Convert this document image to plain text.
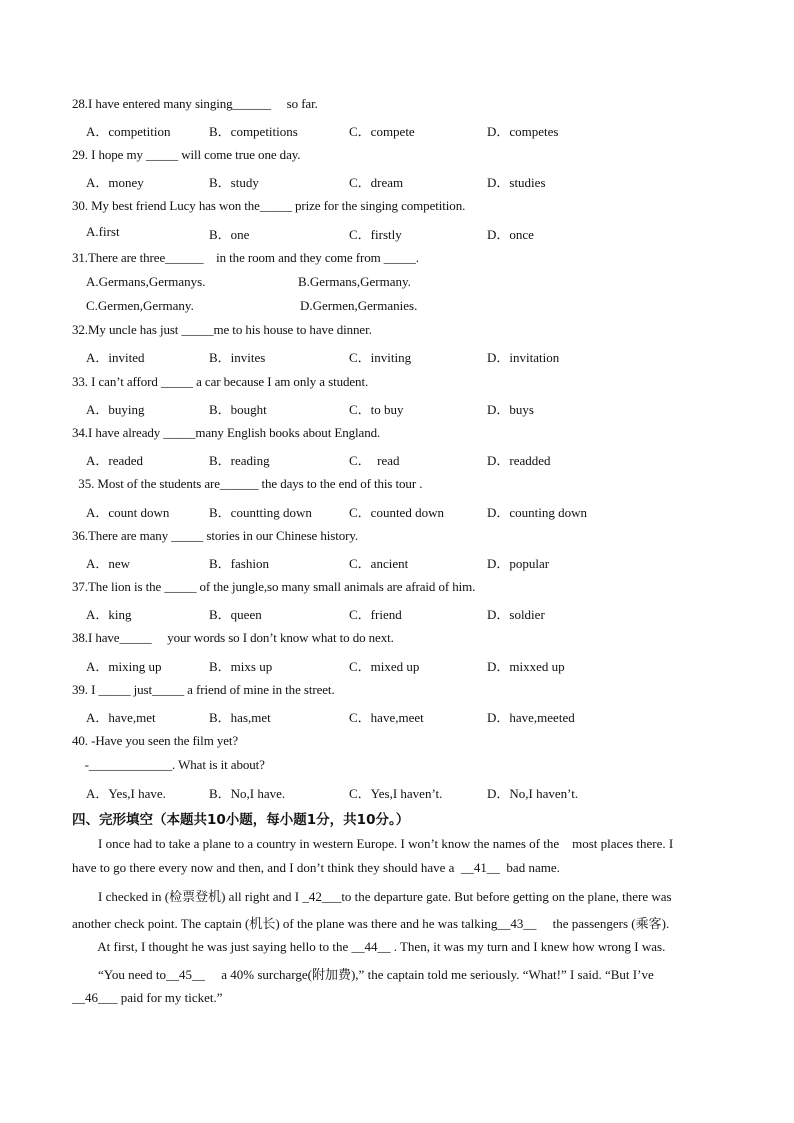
28.I have entered many singing______     so far.
A．competition	B．competitions	C．compete	D．competes
29. I hope my _____ will come true one day.
A．money	B．study	C．dream	D．studies
30. My best friend Lucy has won the_____ prize for the singing competition.
A.first	B．one	C．firstly	D．once
31.There are three______    in the room and they come from _____.
A.Germans,Germanys.	B.Germans,Germany.
C.Germen,Germany.	D.Germen,Germanies.
32.My uncle has just _____me to his house to have dinner.
A．invited	B．invites	C．inviting	D．invitation
33. I can’t afford _____ a car because I am only a student.
A．buying	B．bought	C．to buy	D．buys
34.I have already _____many English books about England.
A．readed	B．reading	C．  read	D．readded
35. Most of the students are______ the days to the end of this tour .
A．count down	B．countting down	C．counted down	D．counting down
36.There are many _____ stories in our Chinese history.
A．new	B．fashion	C．ancient	D．popular
37.The lion is the _____ of the jungle,so many small animals are afraid of him.
A．king	B．queen	C．friend	D．soldier
38.I have_____     your words so I don’t know what to do next.
A．mixing up	B．mixs up	C．mixed up	D．mixxed up
39. I _____ just_____ a friend of mine in the street.
A．have,met	B．has,met	C．have,meet	D．have,meeted
40. -Have you seen the film yet?
-_____________. What is it about?
A．Yes,I have.	B．No,I have.	C．Yes,I haven’t.	D．No,I haven’t.
四、完形填空（本题共10小题，每小题1分，共10分。）
I once had to take a plane to a country in western Europe. I won’t know the names of the    most places there. I
have to go there every now and then, and I don’t think they should have a  __41__  bad name.
I checked in (检票登机) all right and I _42___to the departure gate. But before getting on the plane, there was
another check point. The captain (机长) of the plane was there and he was talking__43__     the passengers (乘客).
At first, I thought he was just saying hello to the __44__ . Then, it was my turn and I knew how wrong I was.
“You need to__45__     a 40% surcharge(附加费),” the captain told me seriously. “What!” I said. “But I’ve
__46___ paid for my ticket.”
